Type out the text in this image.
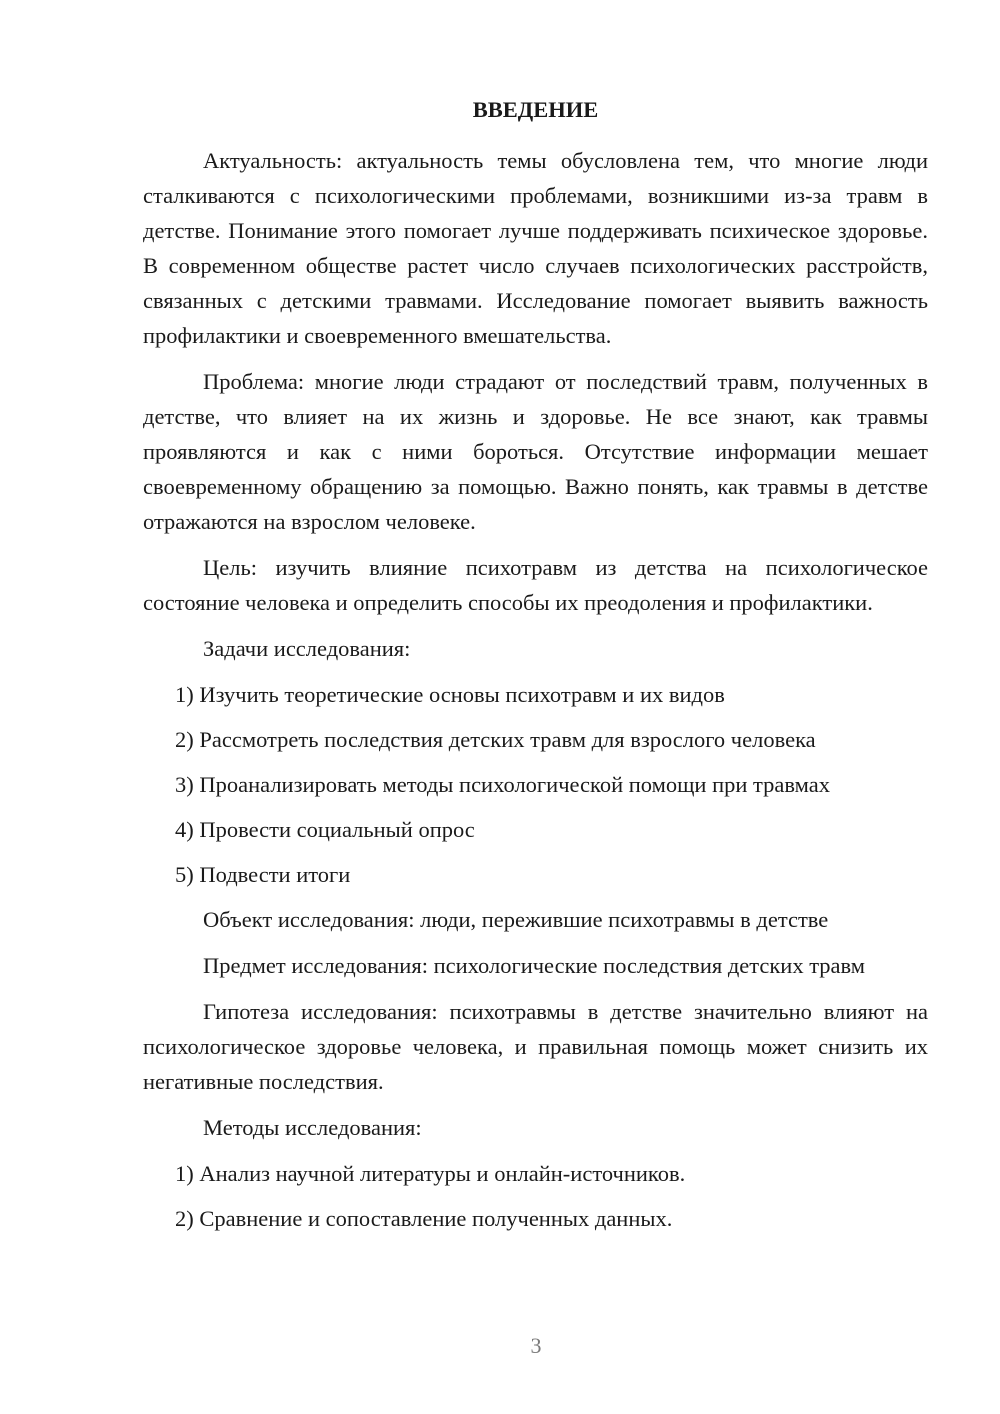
ВВЕДЕНИЕ

Актуальность: актуальность темы обусловлена тем, что многие люди сталкиваются с психологическими проблемами, возникшими из-за травм в детстве. Понимание этого помогает лучше поддерживать психическое здоровье. В современном обществе растет число случаев психологических расстройств, связанных с детскими травмами. Исследование помогает выявить важность профилактики и своевременного вмешательства.

Проблема: многие люди страдают от последствий травм, полученных в детстве, что влияет на их жизнь и здоровье. Не все знают, как травмы проявляются и как с ними бороться. Отсутствие информации мешает своевременному обращению за помощью. Важно понять, как травмы в детстве отражаются на взрослом человеке.

Цель: изучить влияние психотравм из детства на психологическое состояние человека и определить способы их преодоления и профилактики.

Задачи исследования:

1) Изучить теоретические основы психотравм и их видов

2) Рассмотреть последствия детских травм для взрослого человека

3) Проанализировать методы психологической помощи при травмах

4) Провести социальный опрос

5) Подвести итоги

Объект исследования: люди, пережившие психотравмы в детстве

Предмет исследования: психологические последствия детских травм

Гипотеза исследования: психотравмы в детстве значительно влияют на психологическое здоровье человека, и правильная помощь может снизить их негативные последствия.

Методы исследования:

1) Анализ научной литературы и онлайн-источников.

2) Сравнение и сопоставление полученных данных.

3
